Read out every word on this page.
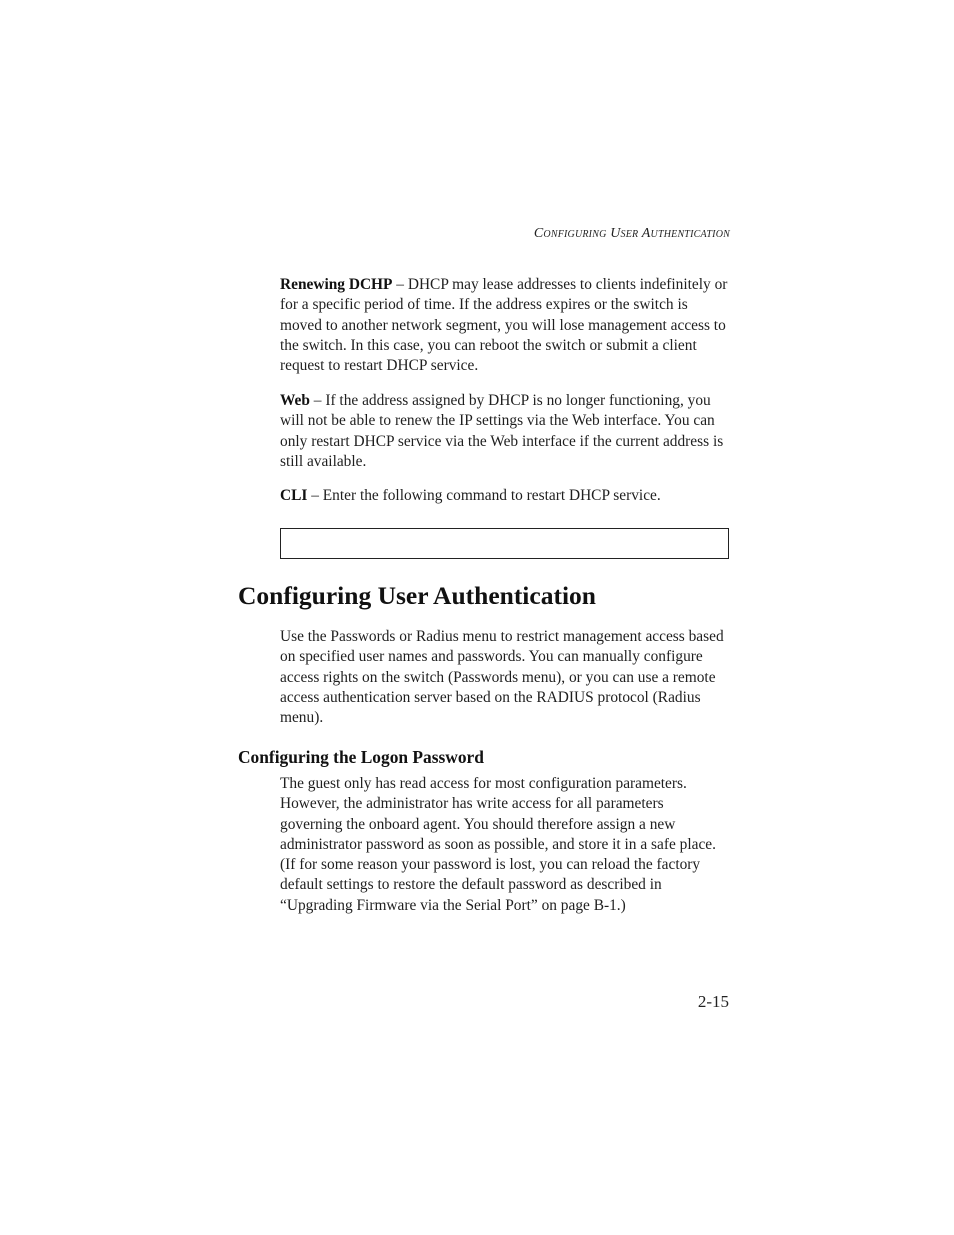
Configuring User Authentication

Renewing DCHP – DHCP may lease addresses to clients indefinitely or for a specific period of time. If the address expires or the switch is moved to another network segment, you will lose management access to the switch. In this case, you can reboot the switch or submit a client request to restart DHCP service.

Web – If the address assigned by DHCP is no longer functioning, you will not be able to renew the IP settings via the Web interface. You can only restart DHCP service via the Web interface if the current address is still available.

CLI – Enter the following command to restart DHCP service.

Configuring User Authentication

Use the Passwords or Radius menu to restrict management access based on specified user names and passwords. You can manually configure access rights on the switch (Passwords menu), or you can use a remote access authentication server based on the RADIUS protocol (Radius menu).

Configuring the Logon Password

The guest only has read access for most configuration parameters. However, the administrator has write access for all parameters governing the onboard agent. You should therefore assign a new administrator password as soon as possible, and store it in a safe place. (If for some reason your password is lost, you can reload the factory default settings to restore the default password as described in “Upgrading Firmware via the Serial Port” on page B-1.)

2-15
